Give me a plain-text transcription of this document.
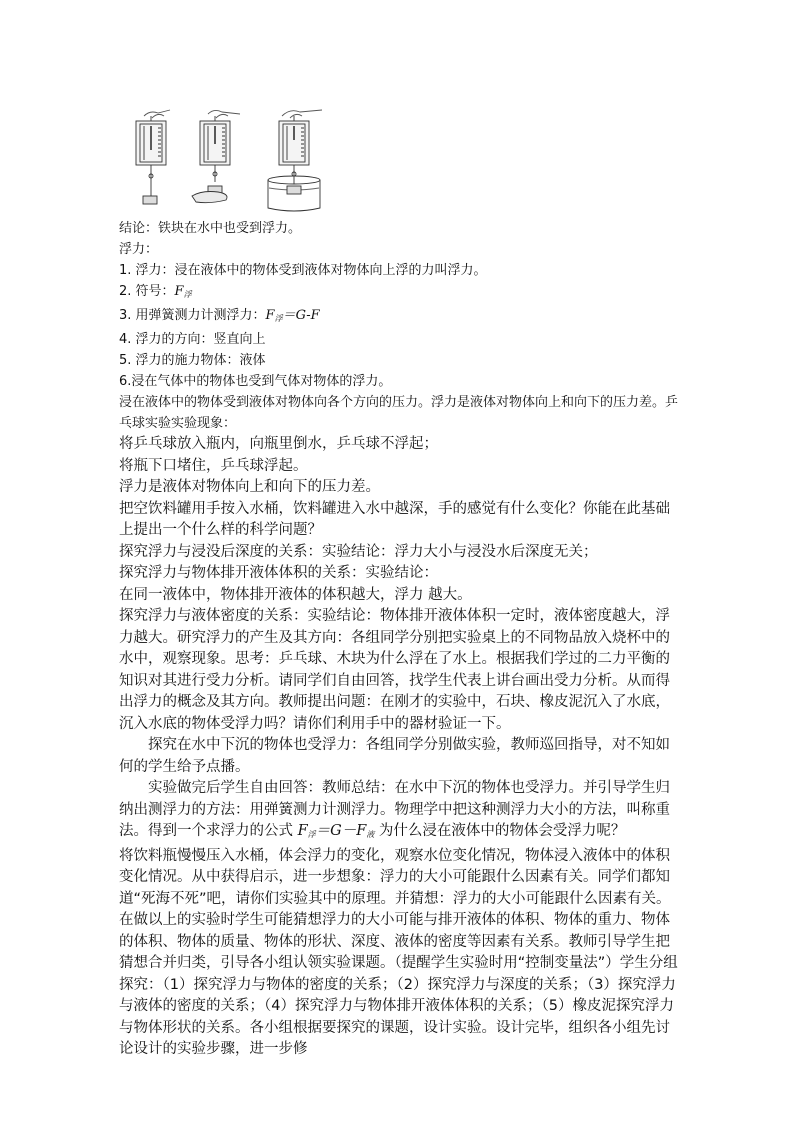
结论：铁块在水中也受到浮力。
浮力：
1. 浮力：浸在液体中的物体受到液体对物体向上浮的力叫浮力。
2. 符号：$F_浮$
3. 用弹簧测力计测浮力：$F_浮=G-F$
4. 浮力的方向：竖直向上
5. 浮力的施力物体：液体
6.浸在气体中的物体也受到气体对物体的浮力。
浸在液体中的物体受到液体对物体向各个方向的压力。浮力是液体对物体向上和向下的压力差。乒乓球实验实验现象：
将乒乓球放入瓶内，向瓶里倒水，乒乓球不浮起；
将瓶下口堵住，乒乓球浮起。
浮力是液体对物体向上和向下的压力差。
把空饮料罐用手按入水桶，饮料罐进入水中越深，手的感觉有什么变化？你能在此基础上提出一个什么样的科学问题？
探究浮力与浸没后深度的关系：实验结论：浮力大小与浸没水后深度无关；
探究浮力与物体排开液体体积的关系：实验结论：
在同一液体中，物体排开液体的体积越大，浮力 越大。
探究浮力与液体密度的关系：实验结论：物体排开液体体积一定时，液体密度越大，浮力越大。研究浮力的产生及其方向：各组同学分别把实验桌上的不同物品放入烧杯中的水中，观察现象。思考：乒乓球、木块为什么浮在了水上。根据我们学过的二力平衡的知识对其进行受力分析。请同学们自由回答，找学生代表上讲台画出受力分析。从而得出浮力的概念及其方向。教师提出问题：在刚才的实验中，石块、橡皮泥沉入了水底，沉入水底的物体受浮力吗？请你们利用手中的器材验证一下。
探究在水中下沉的物体也受浮力：各组同学分别做实验，教师巡回指导，对不知如何的学生给予点播。
实验做完后学生自由回答：教师总结：在水中下沉的物体也受浮力。并引导学生归纳出测浮力的方法：用弹簧测力计测浮力。物理学中把这种测浮力大小的方法，叫称重法。得到一个求浮力的公式 $F_浮=G-F_液$ 为什么浸在液体中的物体会受浮力呢？
将饮料瓶慢慢压入水桶，体会浮力的变化，观察水位变化情况，物体浸入液体中的体积变化情况。从中获得启示，进一步想象：浮力的大小可能跟什么因素有关。同学们都知道“死海不死”吧，请你们实验其中的原理。并猜想：浮力的大小可能跟什么因素有关。在做以上的实验时学生可能猜想浮力的大小可能与排开液体的体积、物体的重力、物体的体积、物体的质量、物体的形状、深度、液体的密度等因素有关系。教师引导学生把猜想合并归类，引导各小组认领实验课题。（提醒学生实验时用“控制变量法”）学生分组探究：（1）探究浮力与物体的密度的关系；（2）探究浮力与深度的关系；（3）探究浮力与液体的密度的关系；（4）探究浮力与物体排开液体体积的关系；（5）橡皮泥探究浮力与物体形状的关系。各小组根据要探究的课题，设计实验。设计完毕，组织各小组先讨论设计的实验步骤，进一步修
